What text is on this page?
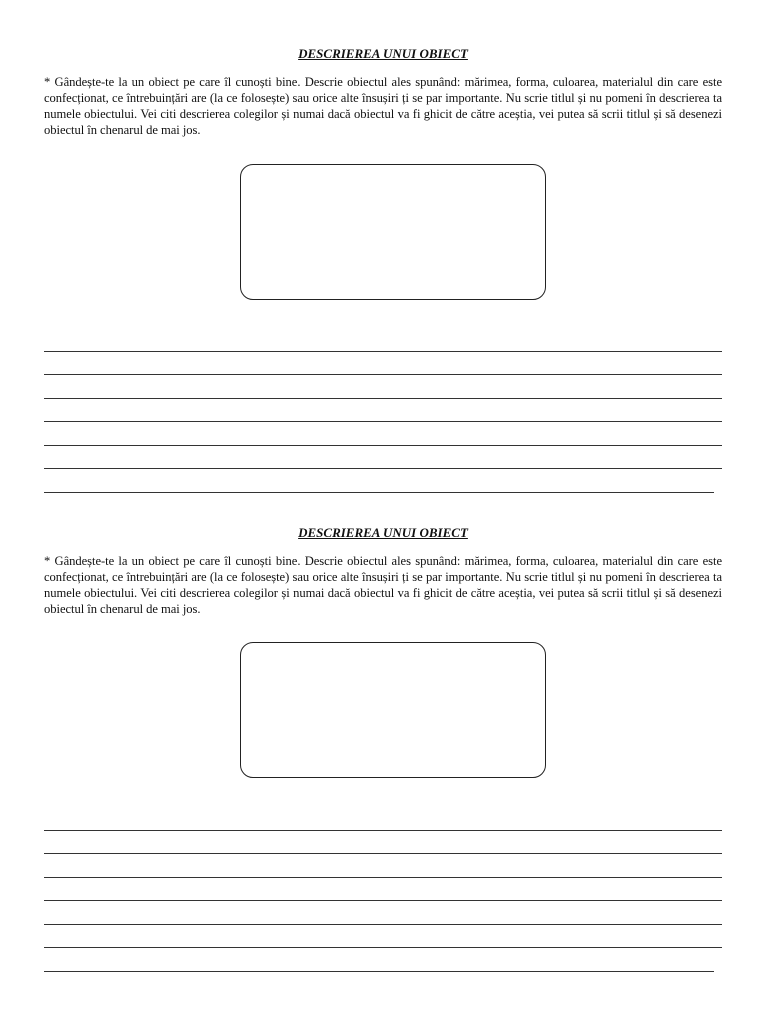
DESCRIEREA UNUI OBIECT

* Gândește-te la un obiect pe care îl cunoști bine. Descrie obiectul ales spunând: mărimea, forma, culoarea, materialul din care este confecționat, ce întrebuințări are (la ce folosește) sau orice alte însușiri ți se par importante. Nu scrie titlul și nu pomeni în descrierea ta numele obiectului. Vei citi descrierea colegilor și numai dacă obiectul va fi ghicit de către aceștia, vei putea să scrii titlul și să desenezi obiectul în chenarul de mai jos.

DESCRIEREA UNUI OBIECT

* Gândește-te la un obiect pe care îl cunoști bine. Descrie obiectul ales spunând: mărimea, forma, culoarea, materialul din care este confecționat, ce întrebuințări are (la ce folosește) sau orice alte însușiri ți se par importante. Nu scrie titlul și nu pomeni în descrierea ta numele obiectului. Vei citi descrierea colegilor și numai dacă obiectul va fi ghicit de către aceștia, vei putea să scrii titlul și să desenezi obiectul în chenarul de mai jos.
